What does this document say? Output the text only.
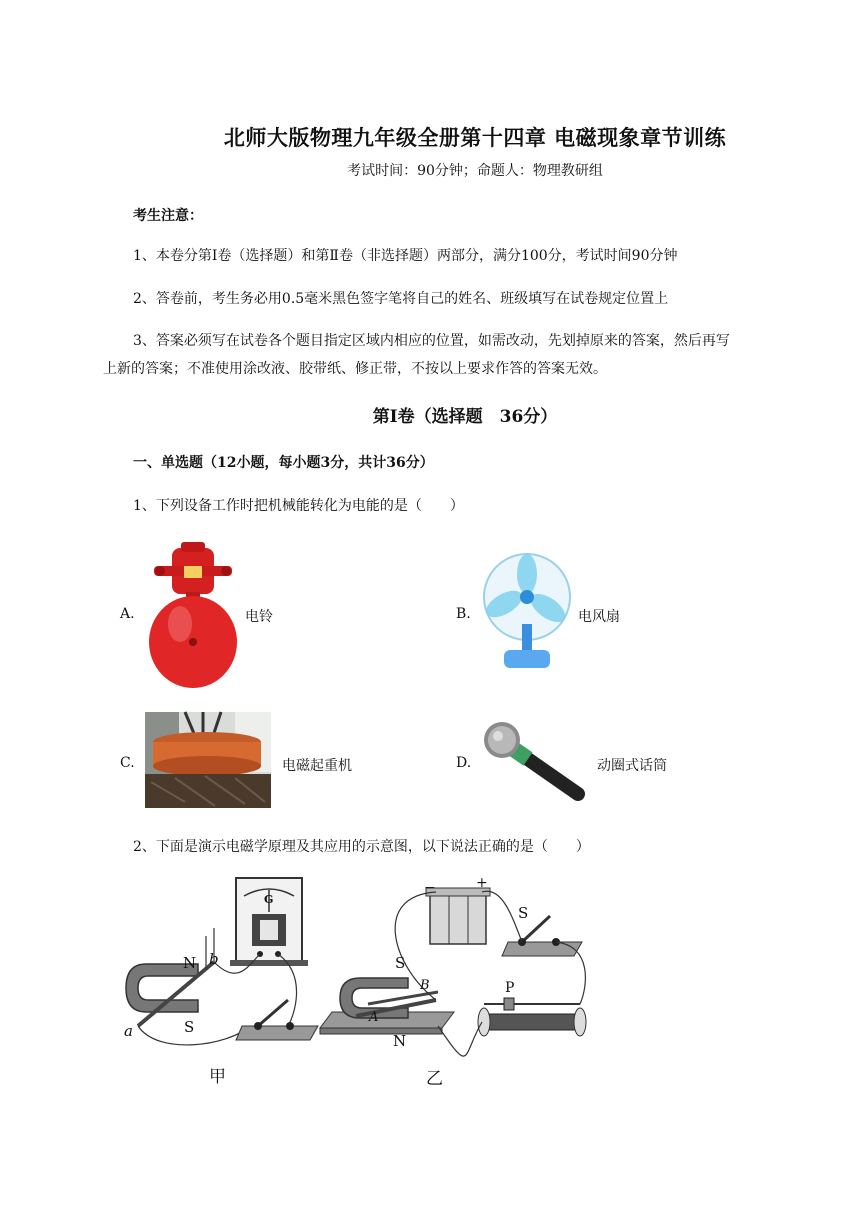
北师大版物理九年级全册第十四章 电磁现象章节训练
考试时间：90分钟；命题人：物理教研组
考生注意：
1、本卷分第Ⅰ卷（选择题）和第Ⅱ卷（非选择题）两部分，满分100分，考试时间90分钟
2、答卷前，考生务必用0.5毫米黑色签字笔将自己的姓名、班级填写在试卷规定位置上
3、答案必须写在试卷各个题目指定区域内相应的位置，如需改动，先划掉原来的答案，然后再写
上新的答案；不准使用涂改液、胶带纸、修正带，不按以上要求作答的答案无效。
第Ⅰ卷（选择题　36分）
一、单选题（12小题，每小题3分，共计36分）
1、下列设备工作时把机械能转化为电能的是（　　）
A.	电铃	B.	电风扇
C.	电磁起重机	D.	动圈式话筒
2、下面是演示电磁学原理及其应用的示意图，以下说法正确的是（　　）
N
S
a
b
G
甲
−	+
S
P
S
N
A
B
乙
